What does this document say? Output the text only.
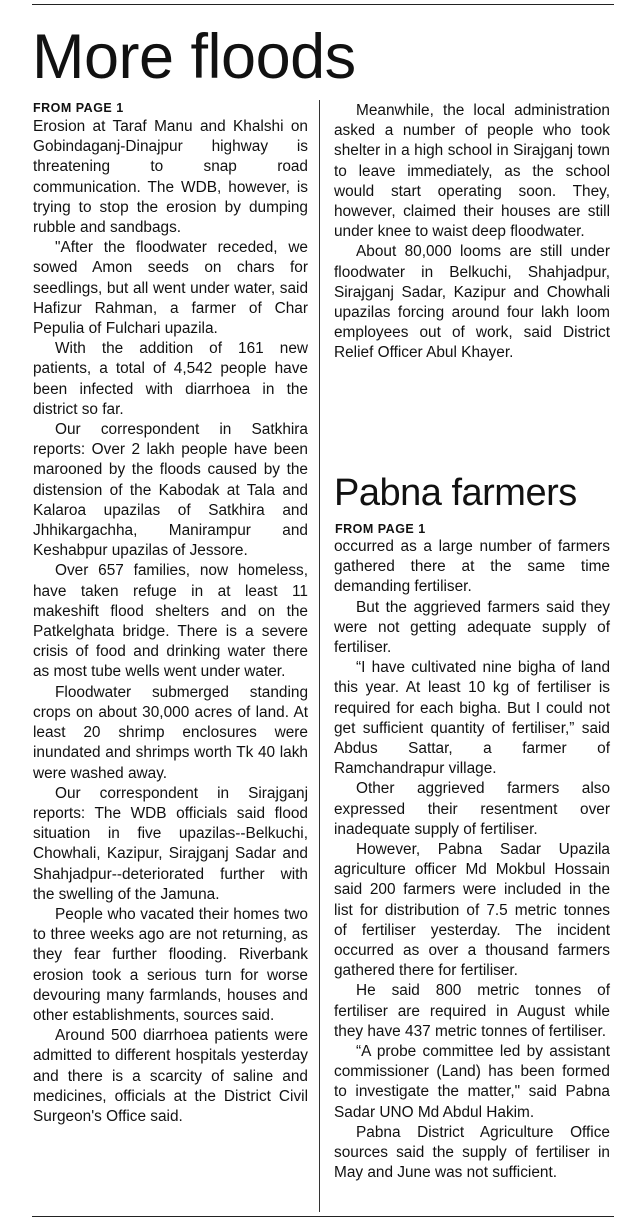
More floods
FROM PAGE 1

Erosion at Taraf Manu and Khalshi on Gobindaganj-Dinajpur highway is threatening to snap road communication. The WDB, however, is trying to stop the erosion by dumping rubble and sandbags.

"After the floodwater receded, we sowed Amon seeds on chars for seedlings, but all went under water, said Hafizur Rahman, a farmer of Char Pepulia of Fulchari upazila.

With the addition of 161 new patients, a total of 4,542 people have been infected with diarrhoea in the district so far.

Our correspondent in Satkhira reports: Over 2 lakh people have been marooned by the floods caused by the distension of the Kabodak at Tala and Kalaroa upazilas of Satkhira and Jhhikargachha, Manirampur and Keshabpur upazilas of Jessore.

Over 657 families, now homeless, have taken refuge in at least 11 makeshift flood shelters and on the Patkelghata bridge. There is a severe crisis of food and drinking water there as most tube wells went under water.

Floodwater submerged standing crops on about 30,000 acres of land. At least 20 shrimp enclosures were inundated and shrimps worth Tk 40 lakh were washed away.

Our correspondent in Sirajganj reports: The WDB officials said flood situation in five upazilas--Belkuchi, Chowhali, Kazipur, Sirajganj Sadar and Shahjadpur--deteriorated further with the swelling of the Jamuna.

People who vacated their homes two to three weeks ago are not returning, as they fear further flooding. Riverbank erosion took a serious turn for worse devouring many farmlands, houses and other establishments, sources said.

Around 500 diarrhoea patients were admitted to different hospitals yesterday and there is a scarcity of saline and medicines, officials at the District Civil Surgeon's Office said.

Meanwhile, the local administration asked a number of people who took shelter in a high school in Sirajganj town to leave immediately, as the school would start operating soon. They, however, claimed their houses are still under knee to waist deep floodwater.

About 80,000 looms are still under floodwater in Belkuchi, Shahjadpur, Sirajganj Sadar, Kazipur and Chowhali upazilas forcing around four lakh loom employees out of work, said District Relief Officer Abul Khayer.

Pabna farmers
FROM PAGE 1

occurred as a large number of farmers gathered there at the same time demanding fertiliser.

But the aggrieved farmers said they were not getting adequate supply of fertiliser.

“I have cultivated nine bigha of land this year. At least 10 kg of fertiliser is required for each bigha. But I could not get sufficient quantity of fertiliser,” said Abdus Sattar, a farmer of Ramchandrapur village.

Other aggrieved farmers also expressed their resentment over inadequate supply of fertiliser.

However, Pabna Sadar Upazila agriculture officer Md Mokbul Hossain said 200 farmers were included in the list for distribution of 7.5 metric tonnes of fertiliser yesterday. The incident occurred as over a thousand farmers gathered there for fertiliser.

He said 800 metric tonnes of fertiliser are required in August while they have 437 metric tonnes of fertiliser.

“A probe committee led by assistant commissioner (Land) has been formed to investigate the matter," said Pabna Sadar UNO Md Abdul Hakim.

Pabna District Agriculture Office sources said the supply of fertiliser in May and June was not sufficient.
